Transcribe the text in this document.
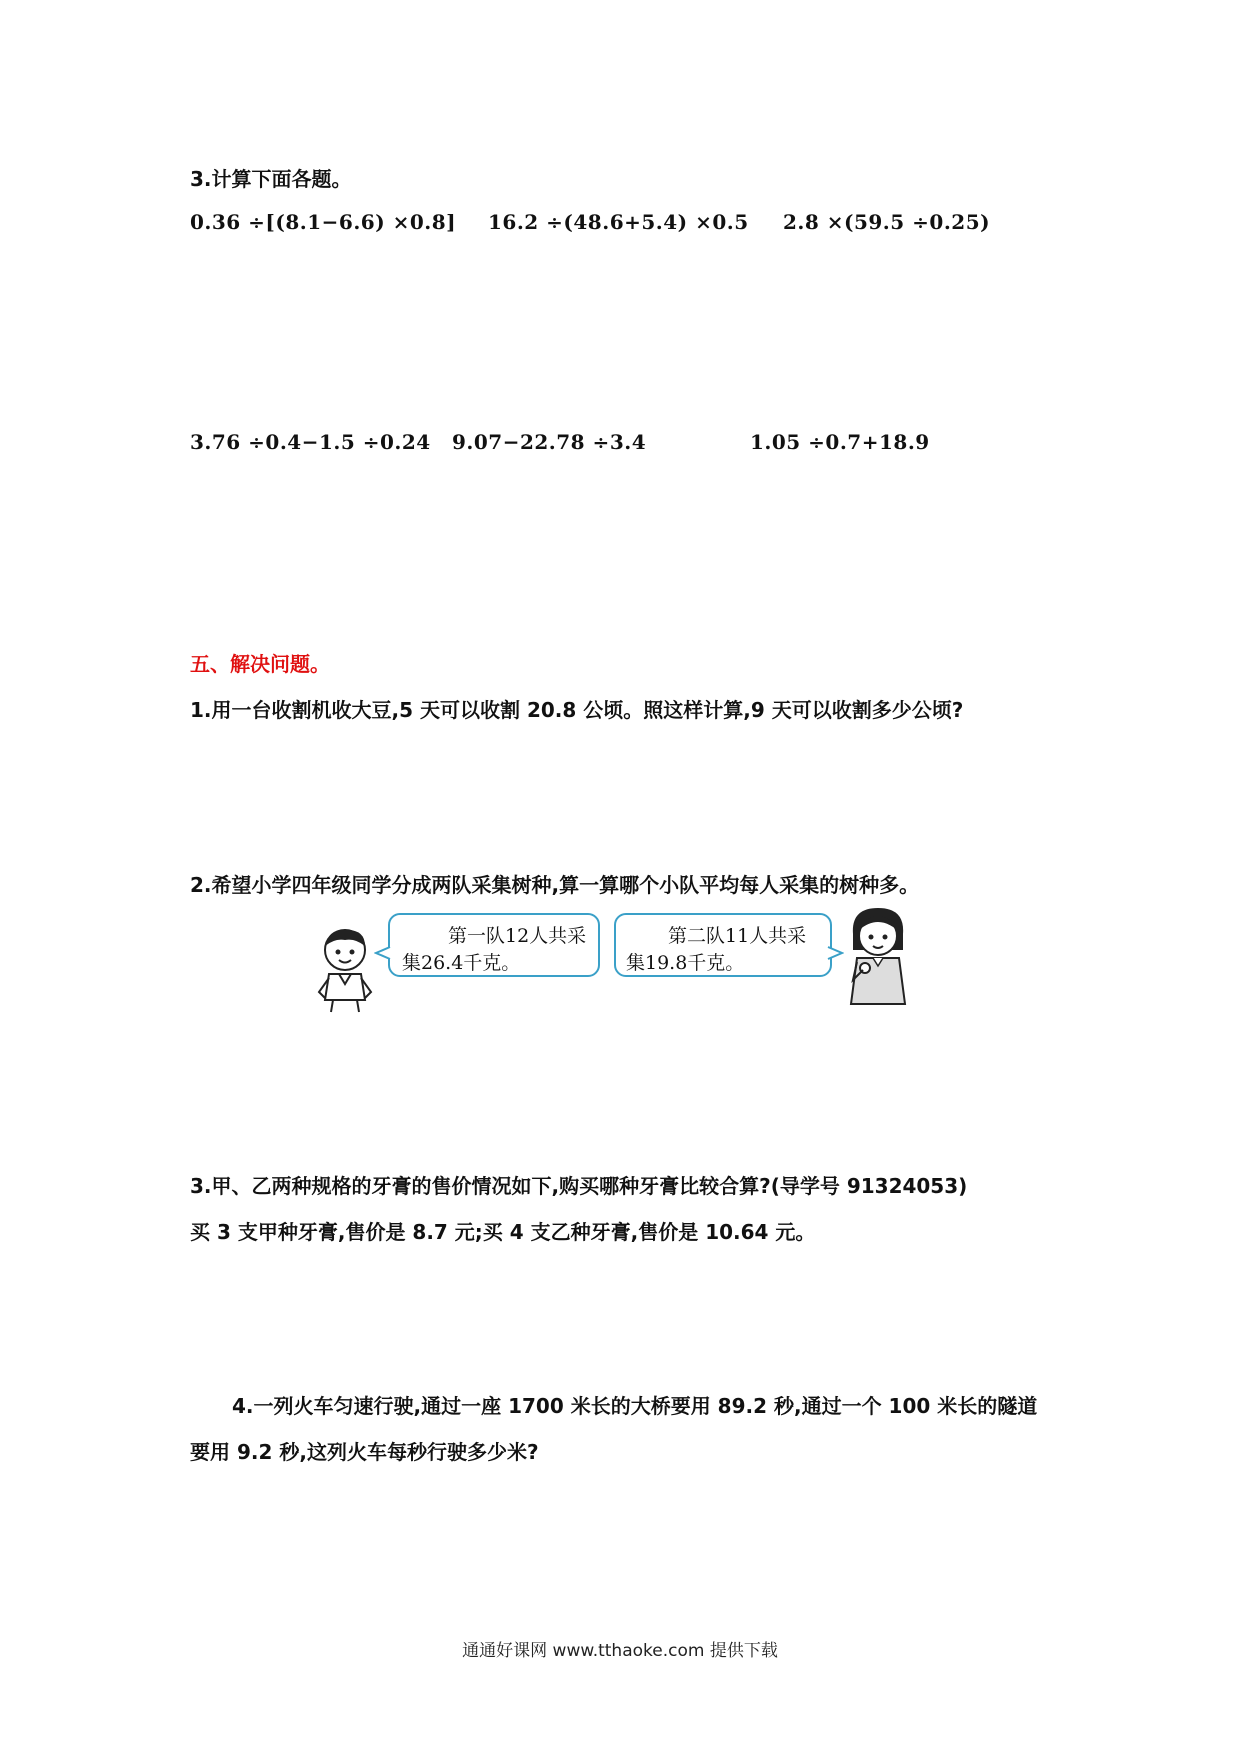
3.计算下面各题。
0.36 ÷[(8.1−6.6) ×0.8] 16.2 ÷(48.6+5.4) ×0.5 2.8 ×(59.5 ÷0.25)
3.76 ÷0.4−1.5 ÷0.24 9.07−22.78 ÷3.4	1.05 ÷0.7+18.9
五、解决问题。
1.用一台收割机收大豆,5 天可以收割 20.8 公顷。照这样计算,9 天可以收割多少公顷?
2.希望小学四年级同学分成两队采集树种,算一算哪个小队平均每人采集的树种多。
第一队12人共采
集26.4千克。
第二队11人共采
集19.8千克。
3.甲、乙两种规格的牙膏的售价情况如下,购买哪种牙膏比较合算?(导学号 91324053)
买 3 支甲种牙膏,售价是 8.7 元;买 4 支乙种牙膏,售价是 10.64 元。
4.一列火车匀速行驶,通过一座 1700 米长的大桥要用 89.2 秒,通过一个 100 米长的隧道
要用 9.2 秒,这列火车每秒行驶多少米?
通通好课网 www.tthaoke.com 提供下载
